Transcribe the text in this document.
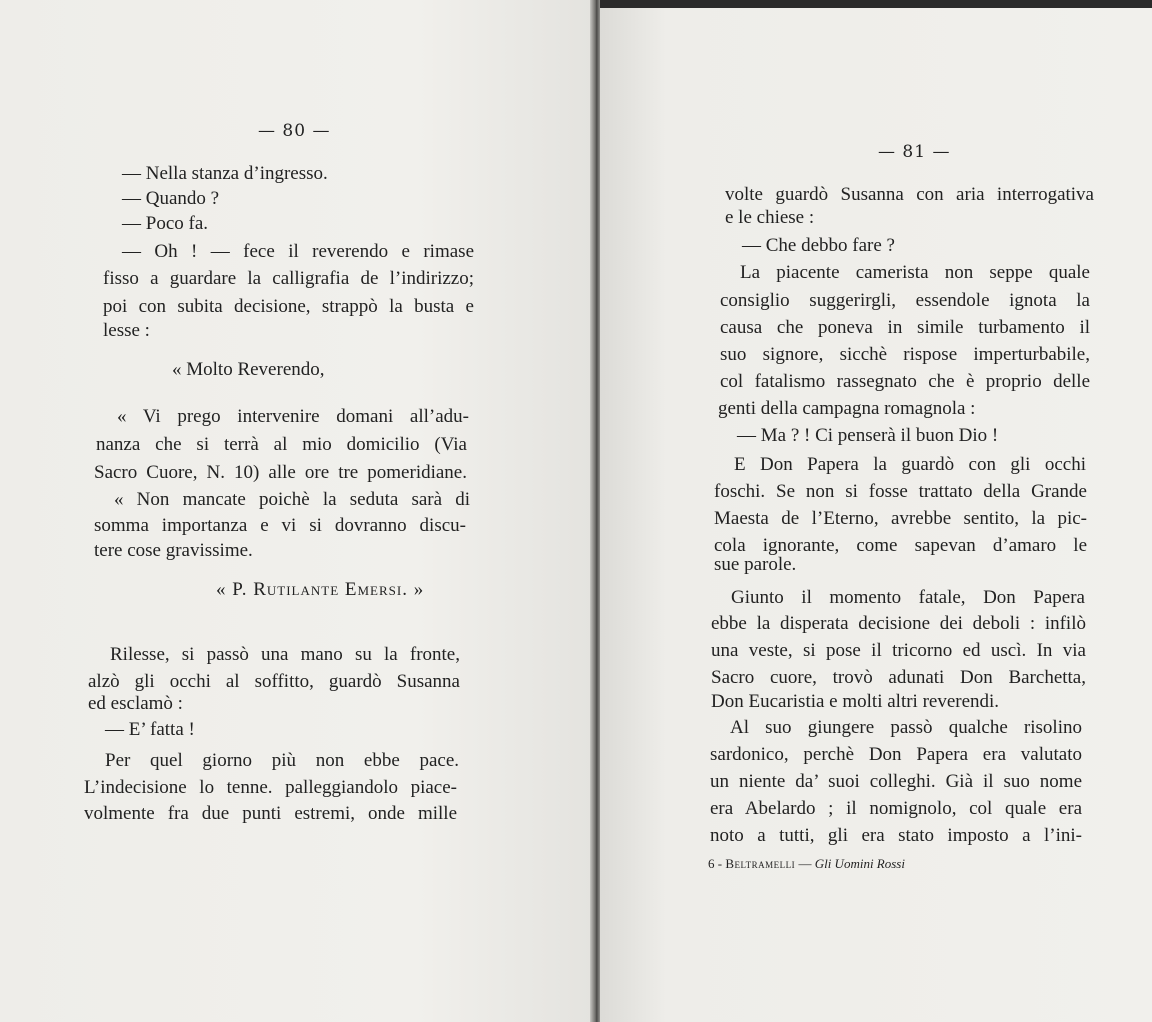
— 80 —
— Nella stanza d’ingresso.
— Quando ?
— Poco fa.
— Oh ! — fece il reverendo e rimase
fisso a guardare la calligrafia de l’indirizzo;
poi con subita decisione, strappò la busta e
lesse :
« Molto Reverendo,
« Vi prego intervenire domani all’adu-
nanza che si terrà al mio domicilio (Via
Sacro Cuore, N. 10) alle ore tre pomeridiane.
« Non mancate poichè la seduta sarà di
somma importanza e vi si dovranno discu-
tere cose gravissime.
« P. Rutilante Emersi. »
Rilesse, si passò una mano su la fronte,
alzò gli occhi al soffitto, guardò Susanna
ed esclamò :
— E’ fatta !
Per quel giorno più non ebbe pace.
L’indecisione lo tenne. palleggiandolo piace-
volmente fra due punti estremi, onde mille
— 81 —
volte guardò Susanna con aria interrogativa
e le chiese :
— Che debbo fare ?
La piacente camerista non seppe quale
consiglio suggerirgli, essendole ignota la
causa che poneva in simile turbamento il
suo signore, sicchè rispose imperturbabile,
col fatalismo rassegnato che è proprio delle
genti della campagna romagnola :
— Ma ? ! Ci penserà il buon Dio !
E Don Papera la guardò con gli occhi
foschi. Se non si fosse trattato della Grande
Maesta de l’Eterno, avrebbe sentito, la pic-
cola ignorante, come sapevan d’amaro le
sue parole.
Giunto il momento fatale, Don Papera
ebbe la disperata decisione dei deboli : infilò
una veste, si pose il tricorno ed uscì. In via
Sacro cuore, trovò adunati Don Barchetta,
Don Eucaristia e molti altri reverendi.
Al suo giungere passò qualche risolino
sardonico, perchè Don Papera era valutato
un niente da’ suoi colleghi. Già il suo nome
era Abelardo ; il nomignolo, col quale era
noto a tutti, gli era stato imposto a l’ini-
6 - Beltramelli — Gli Uomini Rossi
